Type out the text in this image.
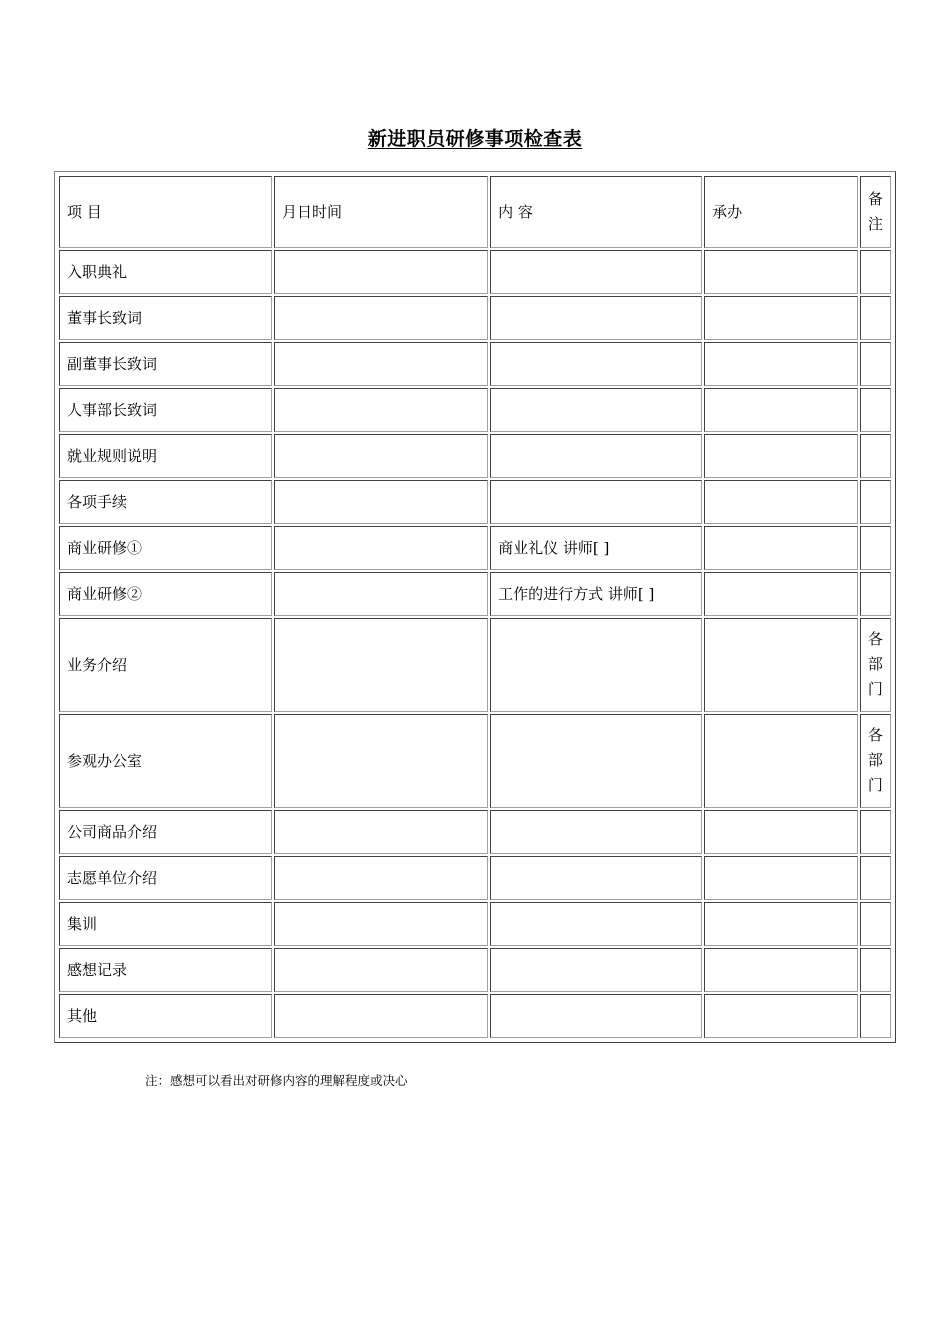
新进职员研修事项检查表
项 目	月日时间	内 容	承办	备注
入职典礼				
董事长致词				
副董事长致词				
人事部长致词				
就业规则说明				
各项手续				
商业研修①		商业礼仪 讲师[ ]		
商业研修②		工作的进行方式 讲师[ ]		
业务介绍				各部门
参观办公室				各部门
公司商品介绍				
志愿单位介绍				
集训				
感想记录				
其他				
注：感想可以看出对研修内容的理解程度或决心
